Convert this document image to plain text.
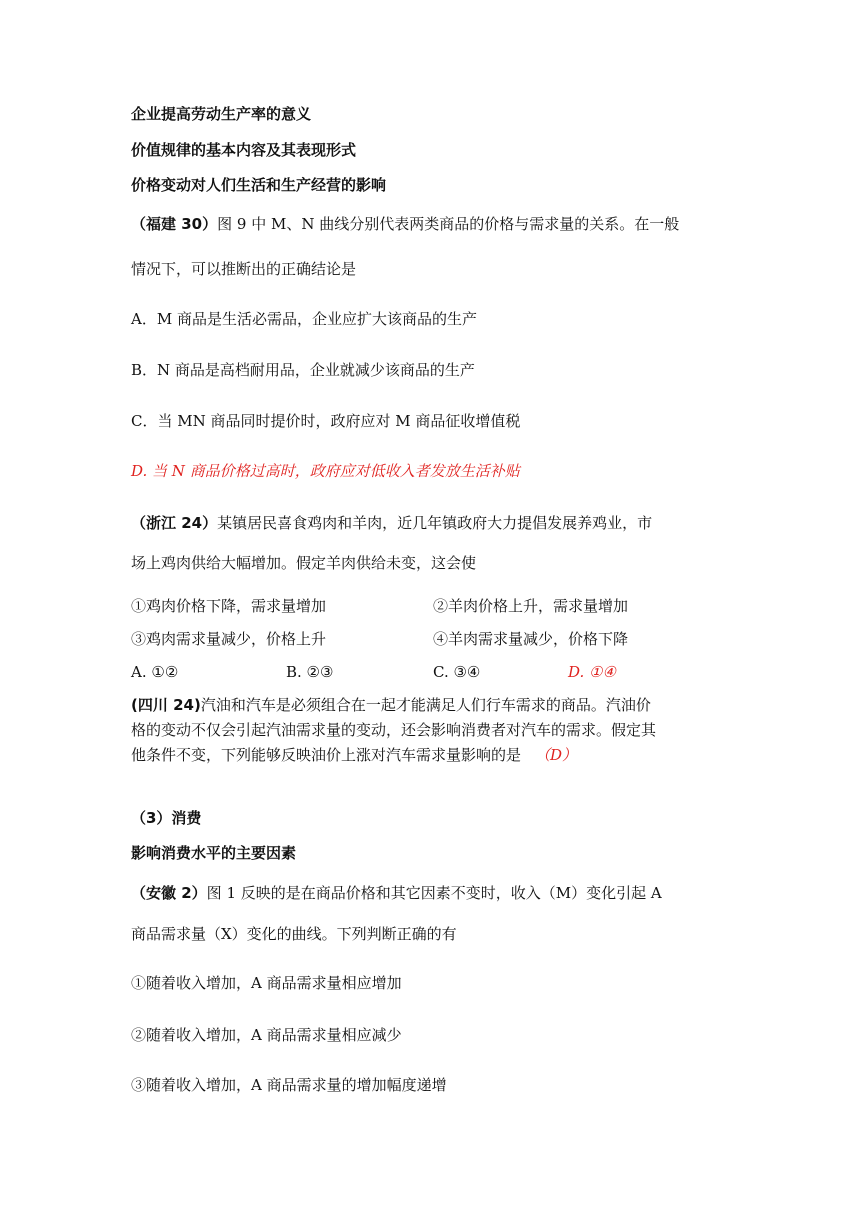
企业提高劳动生产率的意义
价值规律的基本内容及其表现形式
价格变动对人们生活和生产经营的影响
（福建 30）图 9 中 M、N 曲线分别代表两类商品的价格与需求量的关系。在一般
情况下，可以推断出的正确结论是
A．M 商品是生活必需品，企业应扩大该商品的生产
B．N 商品是高档耐用品，企业就减少该商品的生产
C．当 MN 商品同时提价时，政府应对 M 商品征收增值税
D. 当 N 商品价格过高时，政府应对低收入者发放生活补贴
（浙江 24）某镇居民喜食鸡肉和羊肉，近几年镇政府大力提倡发展养鸡业，市
场上鸡肉供给大幅增加。假定羊肉供给未变，这会使
①鸡肉价格下降，需求量增加	②羊肉价格上升，需求量增加
③鸡肉需求量减少，价格上升	④羊肉需求量减少，价格下降
A. ①②	B. ②③	C. ③④	D. ①④
(四川 24)汽油和汽车是必须组合在一起才能满足人们行车需求的商品。汽油价
格的变动不仅会引起汽油需求量的变动，还会影响消费者对汽车的需求。假定其
他条件不变，下列能够反映油价上涨对汽车需求量影响的是 （D）
（3）消费
影响消费水平的主要因素
（安徽 2）图 1 反映的是在商品价格和其它因素不变时，收入（M）变化引起 A
商品需求量（X）变化的曲线。下列判断正确的有
①随着收入增加，A 商品需求量相应增加
②随着收入增加，A 商品需求量相应减少
③随着收入增加，A 商品需求量的增加幅度递增
